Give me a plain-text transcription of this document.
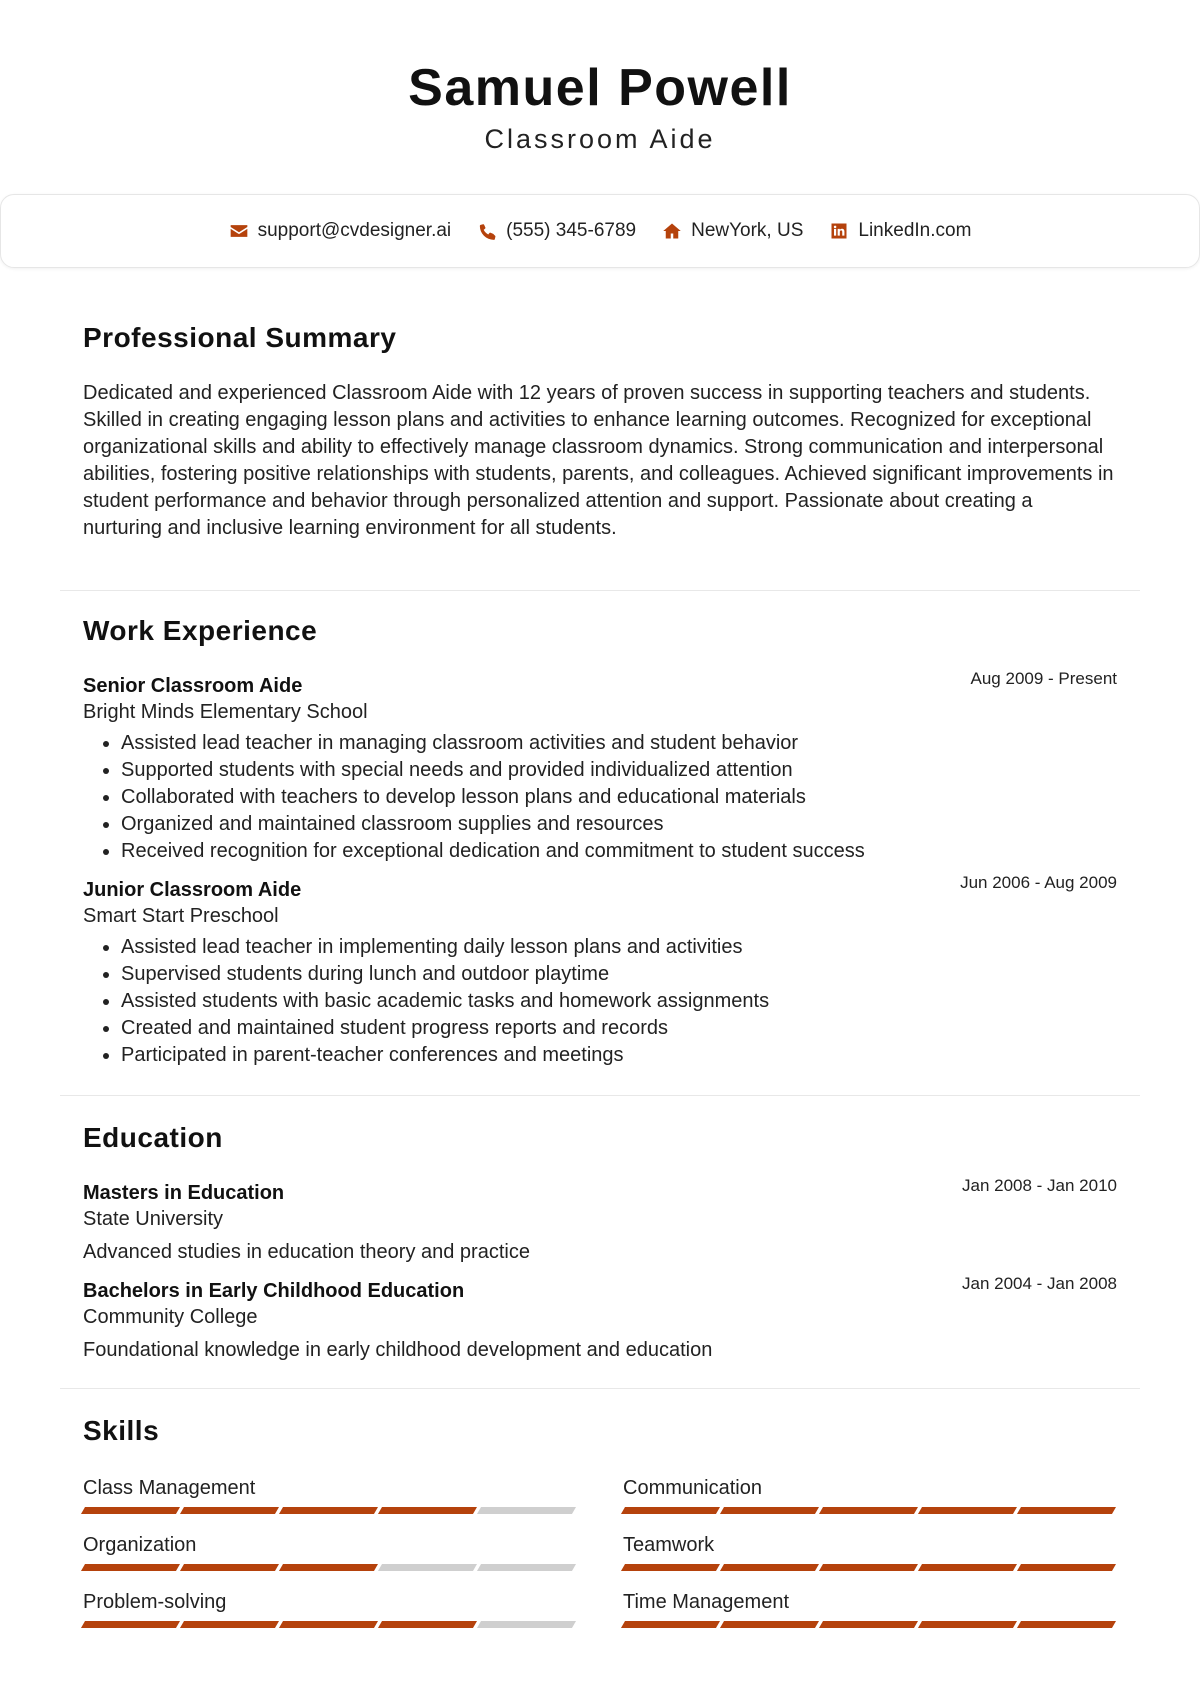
Samuel Powell
Classroom Aide
support@cvdesigner.ai	(555) 345-6789	NewYork, US	LinkedIn.com
Professional Summary
Dedicated and experienced Classroom Aide with 12 years of proven success in supporting teachers and students. Skilled in creating engaging lesson plans and activities to enhance learning outcomes. Recognized for exceptional organizational skills and ability to effectively manage classroom dynamics. Strong communication and interpersonal abilities, fostering positive relationships with students, parents, and colleagues. Achieved significant improvements in student performance and behavior through personalized attention and support. Passionate about creating a nurturing and inclusive learning environment for all students.
Work Experience
Aug 2009 - Present
Senior Classroom Aide
Bright Minds Elementary School
• Assisted lead teacher in managing classroom activities and student behavior
• Supported students with special needs and provided individualized attention
• Collaborated with teachers to develop lesson plans and educational materials
• Organized and maintained classroom supplies and resources
• Received recognition for exceptional dedication and commitment to student success
Jun 2006 - Aug 2009
Junior Classroom Aide
Smart Start Preschool
• Assisted lead teacher in implementing daily lesson plans and activities
• Supervised students during lunch and outdoor playtime
• Assisted students with basic academic tasks and homework assignments
• Created and maintained student progress reports and records
• Participated in parent-teacher conferences and meetings
Education
Jan 2008 - Jan 2010
Masters in Education
State University
Advanced studies in education theory and practice
Jan 2004 - Jan 2008
Bachelors in Early Childhood Education
Community College
Foundational knowledge in early childhood development and education
Skills
Class Management	Communication
Organization	Teamwork
Problem-solving	Time Management
